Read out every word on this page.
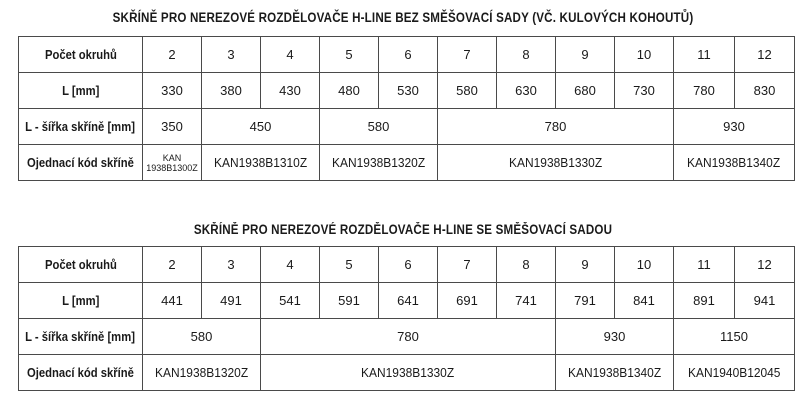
SKŘÍNĚ PRO NEREZOVÉ ROZDĚLOVAČE H-LINE BEZ SMĚŠOVACÍ SADY (VČ. KULOVÝCH KOHOUTŮ)
Počet okruhů	2	3	4	5	6	7	8	9	10	11	12
L [mm]	330	380	430	480	530	580	630	680	730	780	830
L - šířka skříně [mm]	350	450		580		780				930	
Ojednací kód skříně	KAN
1938B1300Z	KAN1938B1310Z		KAN1938B1320Z		KAN1938B1330Z				KAN1938B1340Z	
SKŘÍNĚ PRO NEREZOVÉ ROZDĚLOVAČE H-LINE SE SMĚŠOVACÍ SADOU
Počet okruhů	2	3	4	5	6	7	8	9	10	11	12
L [mm]	441	491	541	591	641	691	741	791	841	891	941
L - šířka skříně [mm]	580		780					930		1150	
Ojednací kód skříně	KAN1938B1320Z		KAN1938B1330Z					KAN1938B1340Z		KAN1940B12045	
